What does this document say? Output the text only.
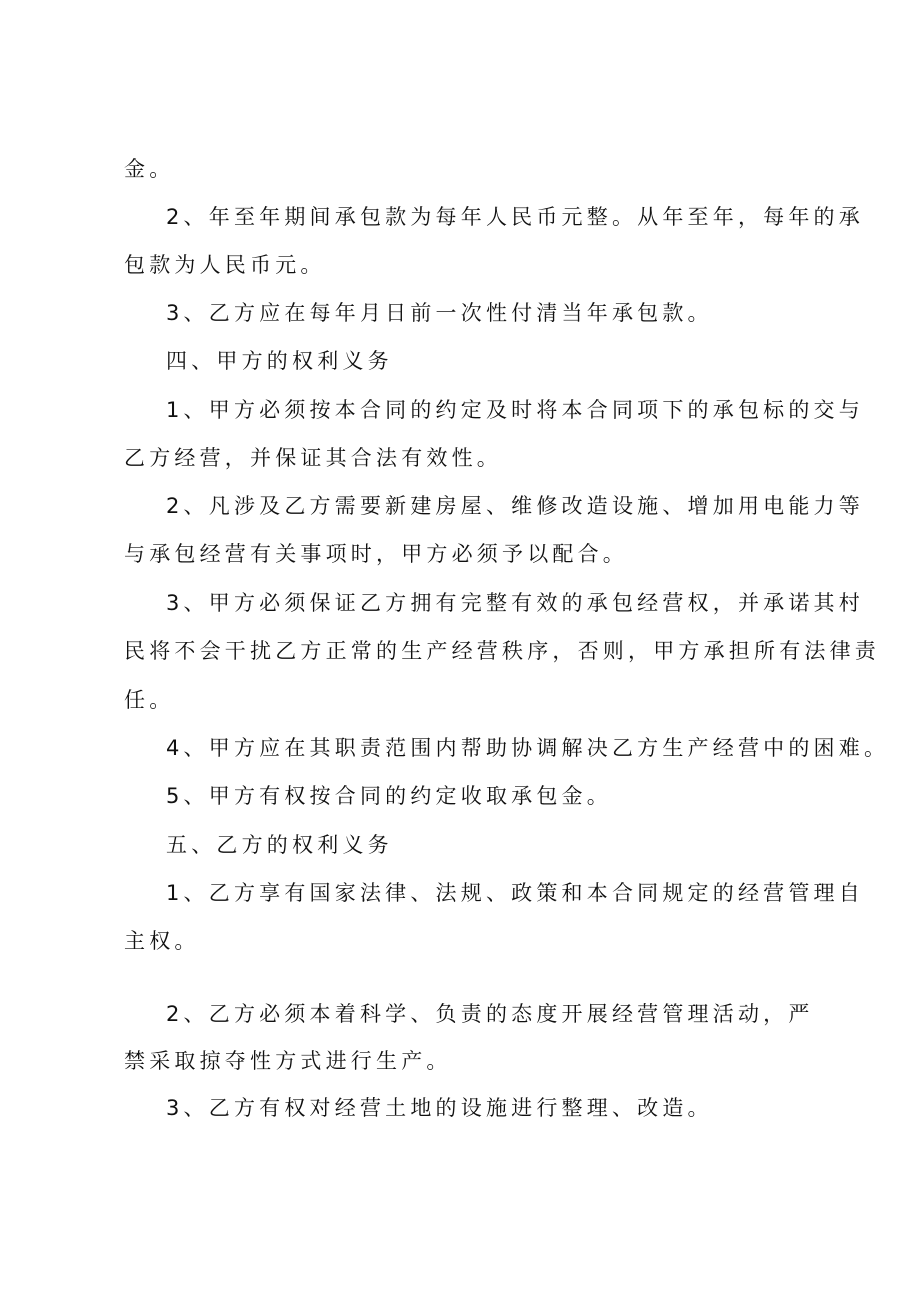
金。
2、年至年期间承包款为每年人民币元整。从年至年，每年的承
包款为人民币元。
3、乙方应在每年月日前一次性付清当年承包款。
四、甲方的权利义务
1、甲方必须按本合同的约定及时将本合同项下的承包标的交与
乙方经营，并保证其合法有效性。
2、凡涉及乙方需要新建房屋、维修改造设施、增加用电能力等
与承包经营有关事项时，甲方必须予以配合。
3、甲方必须保证乙方拥有完整有效的承包经营权，并承诺其村
民将不会干扰乙方正常的生产经营秩序，否则，甲方承担所有法律责
任。
4、甲方应在其职责范围内帮助协调解决乙方生产经营中的困难。
5、甲方有权按合同的约定收取承包金。
五、乙方的权利义务
1、乙方享有国家法律、法规、政策和本合同规定的经营管理自
主权。
2、乙方必须本着科学、负责的态度开展经营管理活动，严
禁采取掠夺性方式进行生产。
3、乙方有权对经营土地的设施进行整理、改造。
